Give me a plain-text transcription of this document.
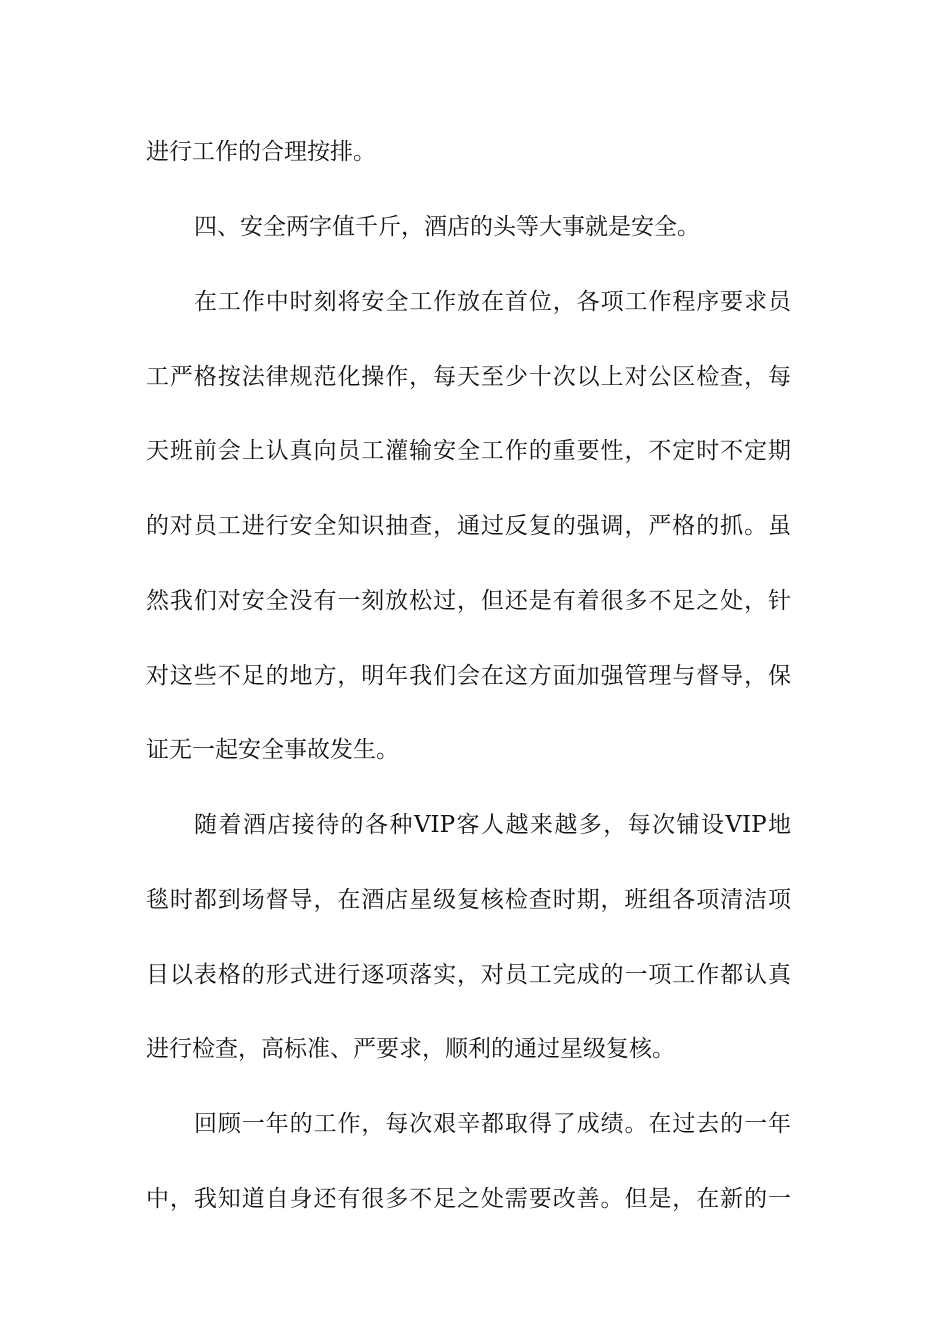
进行工作的合理按排。
四、安全两字值千斤，酒店的头等大事就是安全。
在工作中时刻将安全工作放在首位，各项工作程序要求员
工严格按法律规范化操作，每天至少十次以上对公区检查，每
天班前会上认真向员工灌输安全工作的重要性，不定时不定期
的对员工进行安全知识抽查，通过反复的强调，严格的抓。虽
然我们对安全没有一刻放松过，但还是有着很多不足之处，针
对这些不足的地方，明年我们会在这方面加强管理与督导，保
证无一起安全事故发生。
随着酒店接待的各种VIP客人越来越多，每次铺设VIP地
毯时都到场督导，在酒店星级复核检查时期，班组各项清洁项
目以表格的形式进行逐项落实，对员工完成的一项工作都认真
进行检查，高标准、严要求，顺利的通过星级复核。
回顾一年的工作，每次艰辛都取得了成绩。在过去的一年
中，我知道自身还有很多不足之处需要改善。但是，在新的一
